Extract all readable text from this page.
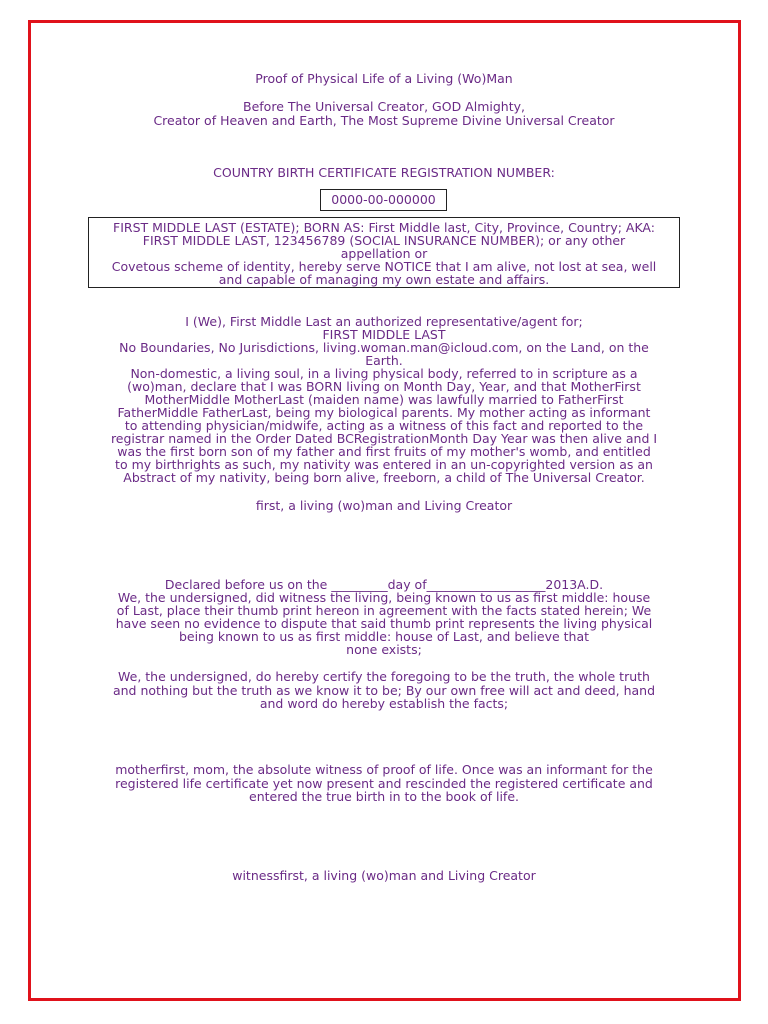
Proof of Physical Life of a Living (Wo)Man

Before The Universal Creator, GOD Almighty,
Creator of Heaven and Earth, The Most Supreme Divine Universal Creator

COUNTRY BIRTH CERTIFICATE REGISTRATION NUMBER:

0000-00-000000
FIRST MIDDLE LAST (ESTATE); BORN AS: First Middle last, City, Province, Country; AKA:
FIRST MIDDLE LAST, 123456789 (SOCIAL INSURANCE NUMBER); or any other
appellation or
Covetous scheme of identity, hereby serve NOTICE that I am alive, not lost at sea, well
and capable of managing my own estate and affairs.

I (We), First Middle Last an authorized representative/agent for;
FIRST MIDDLE LAST
No Boundaries, No Jurisdictions, living.woman.man@icloud.com, on the Land, on the
Earth.
Non-domestic, a living soul, in a living physical body, referred to in scripture as a
(wo)man, declare that I was BORN living on Month Day, Year, and that MotherFirst
MotherMiddle MotherLast (maiden name) was lawfully married to FatherFirst
FatherMiddle FatherLast, being my biological parents. My mother acting as informant
to attending physician/midwife, acting as a witness of this fact and reported to the
registrar named in the Order Dated BCRegistrationMonth Day Year was then alive and I
was the first born son of my father and first fruits of my mother's womb, and entitled
to my birthrights as such, my nativity was entered in an un-copyrighted version as an
Abstract of my nativity, being born alive, freeborn, a child of The Universal Creator.

first, a living (wo)man and Living Creator

Declared before us on the _________day of___________________2013A.D.
We, the undersigned, did witness the living, being known to us as first middle: house
of Last, place their thumb print hereon in agreement with the facts stated herein; We
have seen no evidence to dispute that said thumb print represents the living physical
being known to us as first middle: house of Last, and believe that
none exists;

We, the undersigned, do hereby certify the foregoing to be the truth, the whole truth
and nothing but the truth as we know it to be; By our own free will act and deed, hand
and word do hereby establish the facts;

motherfirst, mom, the absolute witness of proof of life. Once was an informant for the
registered life certificate yet now present and rescinded the registered certificate and
entered the true birth in to the book of life.

witnessfirst, a living (wo)man and Living Creator
